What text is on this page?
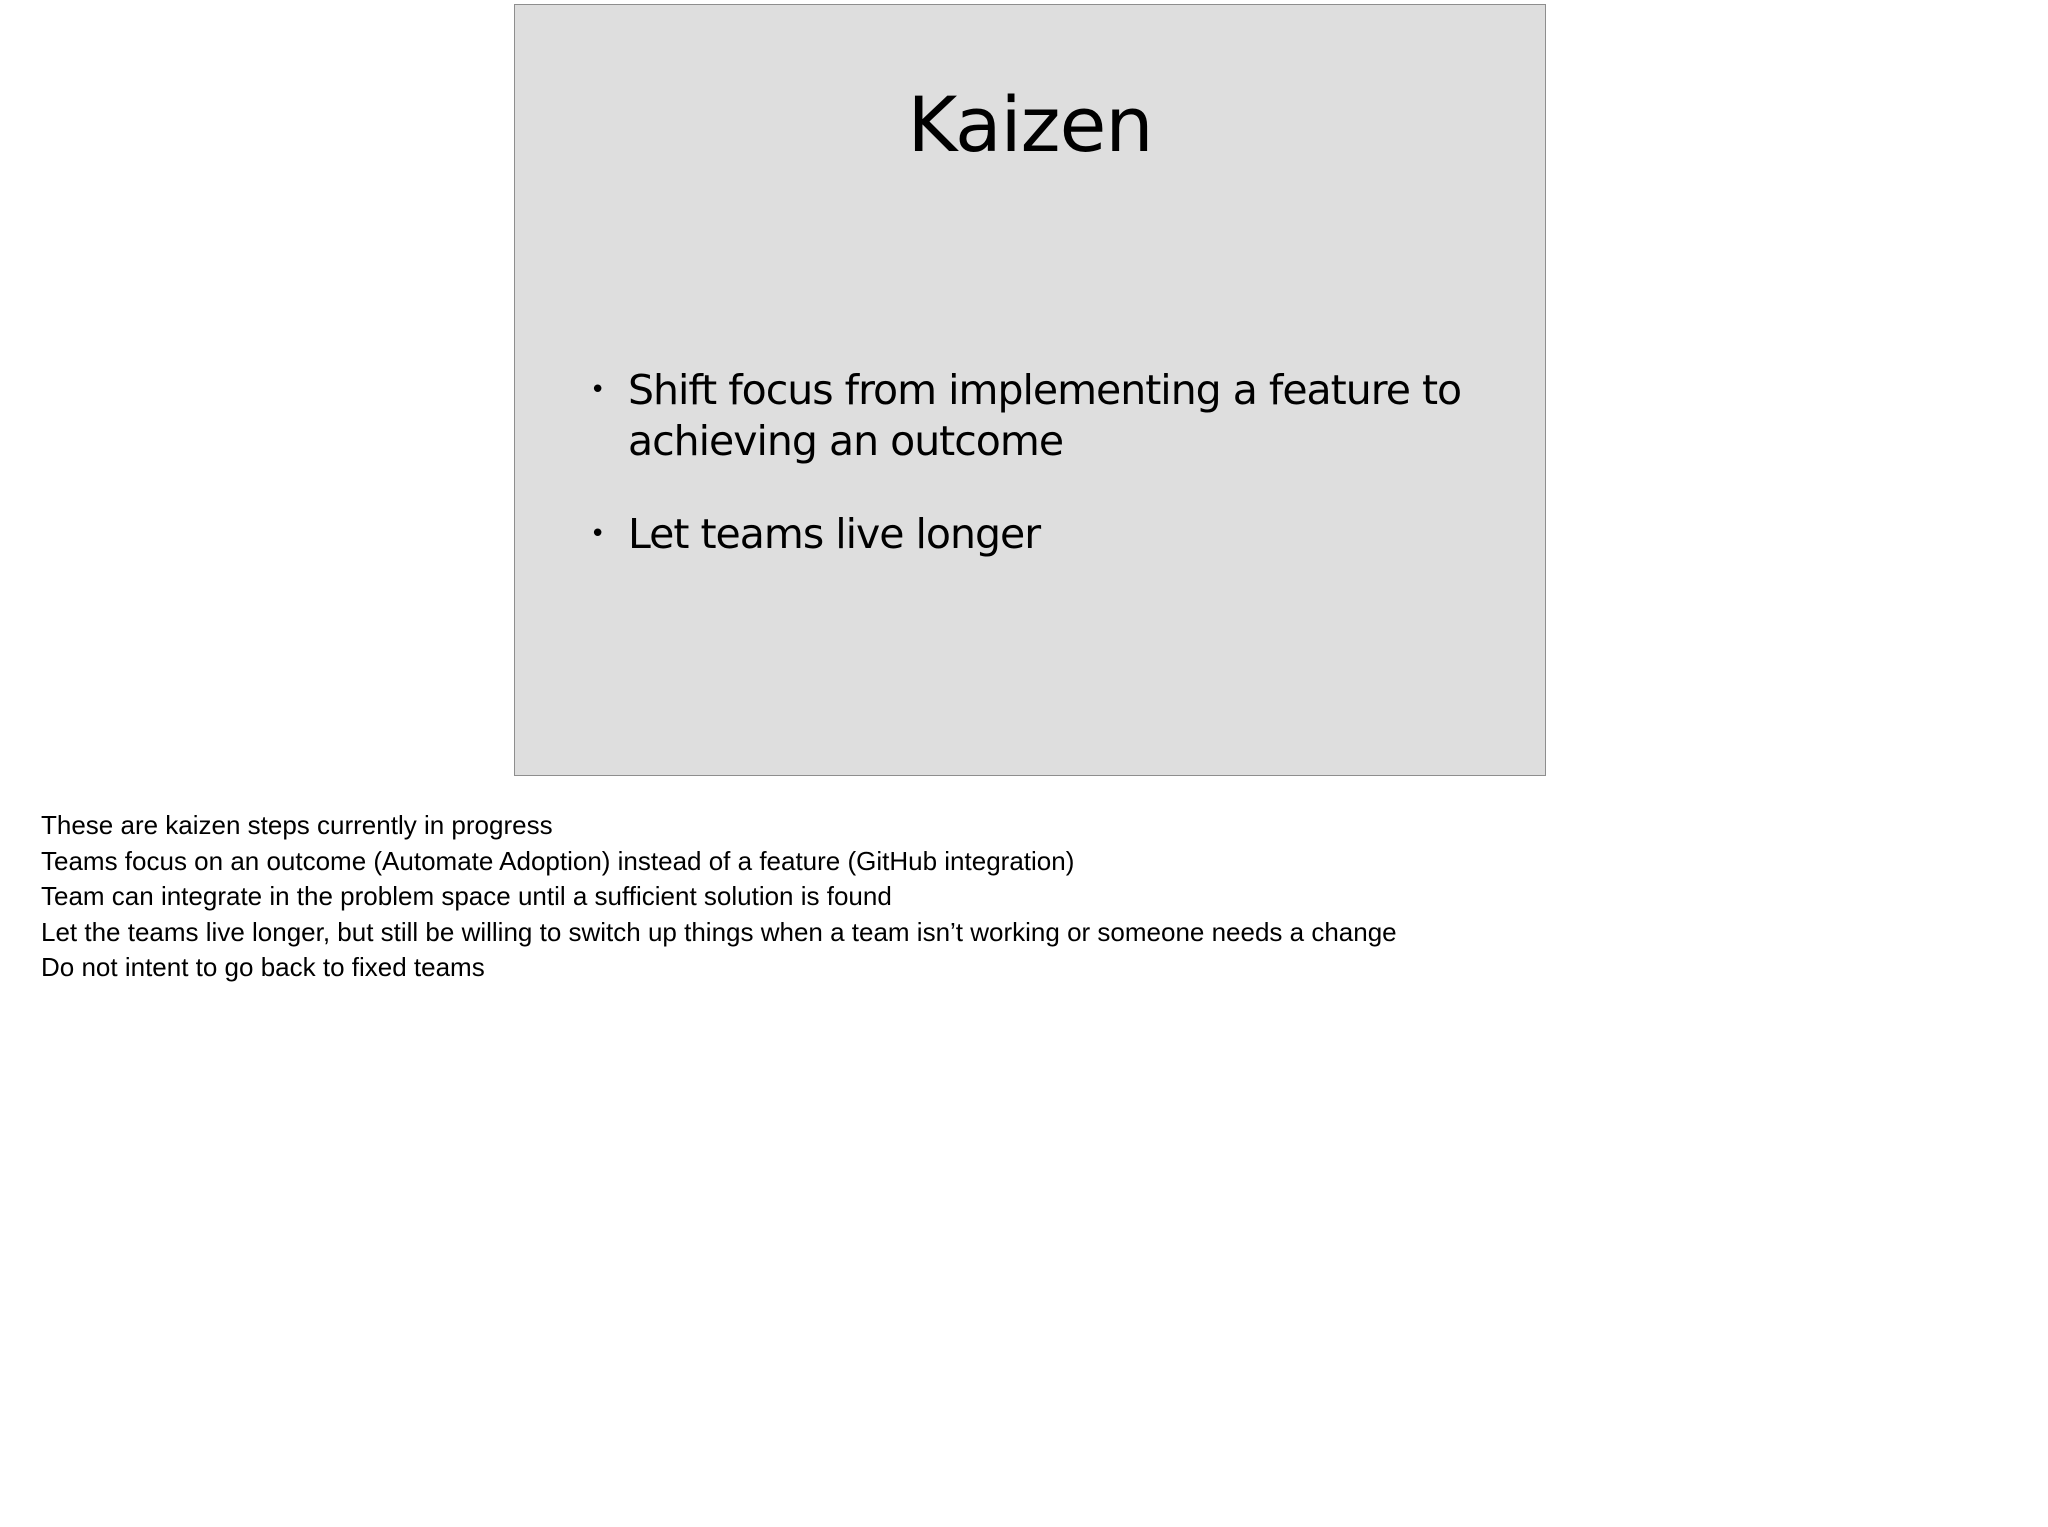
Kaizen
• Shift focus from implementing a feature to achieving an outcome
• Let teams live longer
These are kaizen steps currently in progress
Teams focus on an outcome (Automate Adoption) instead of a feature (GitHub integration)
Team can integrate in the problem space until a sufficient solution is found
Let the teams live longer, but still be willing to switch up things when a team isn’t working or someone needs a change
Do not intent to go back to fixed teams
